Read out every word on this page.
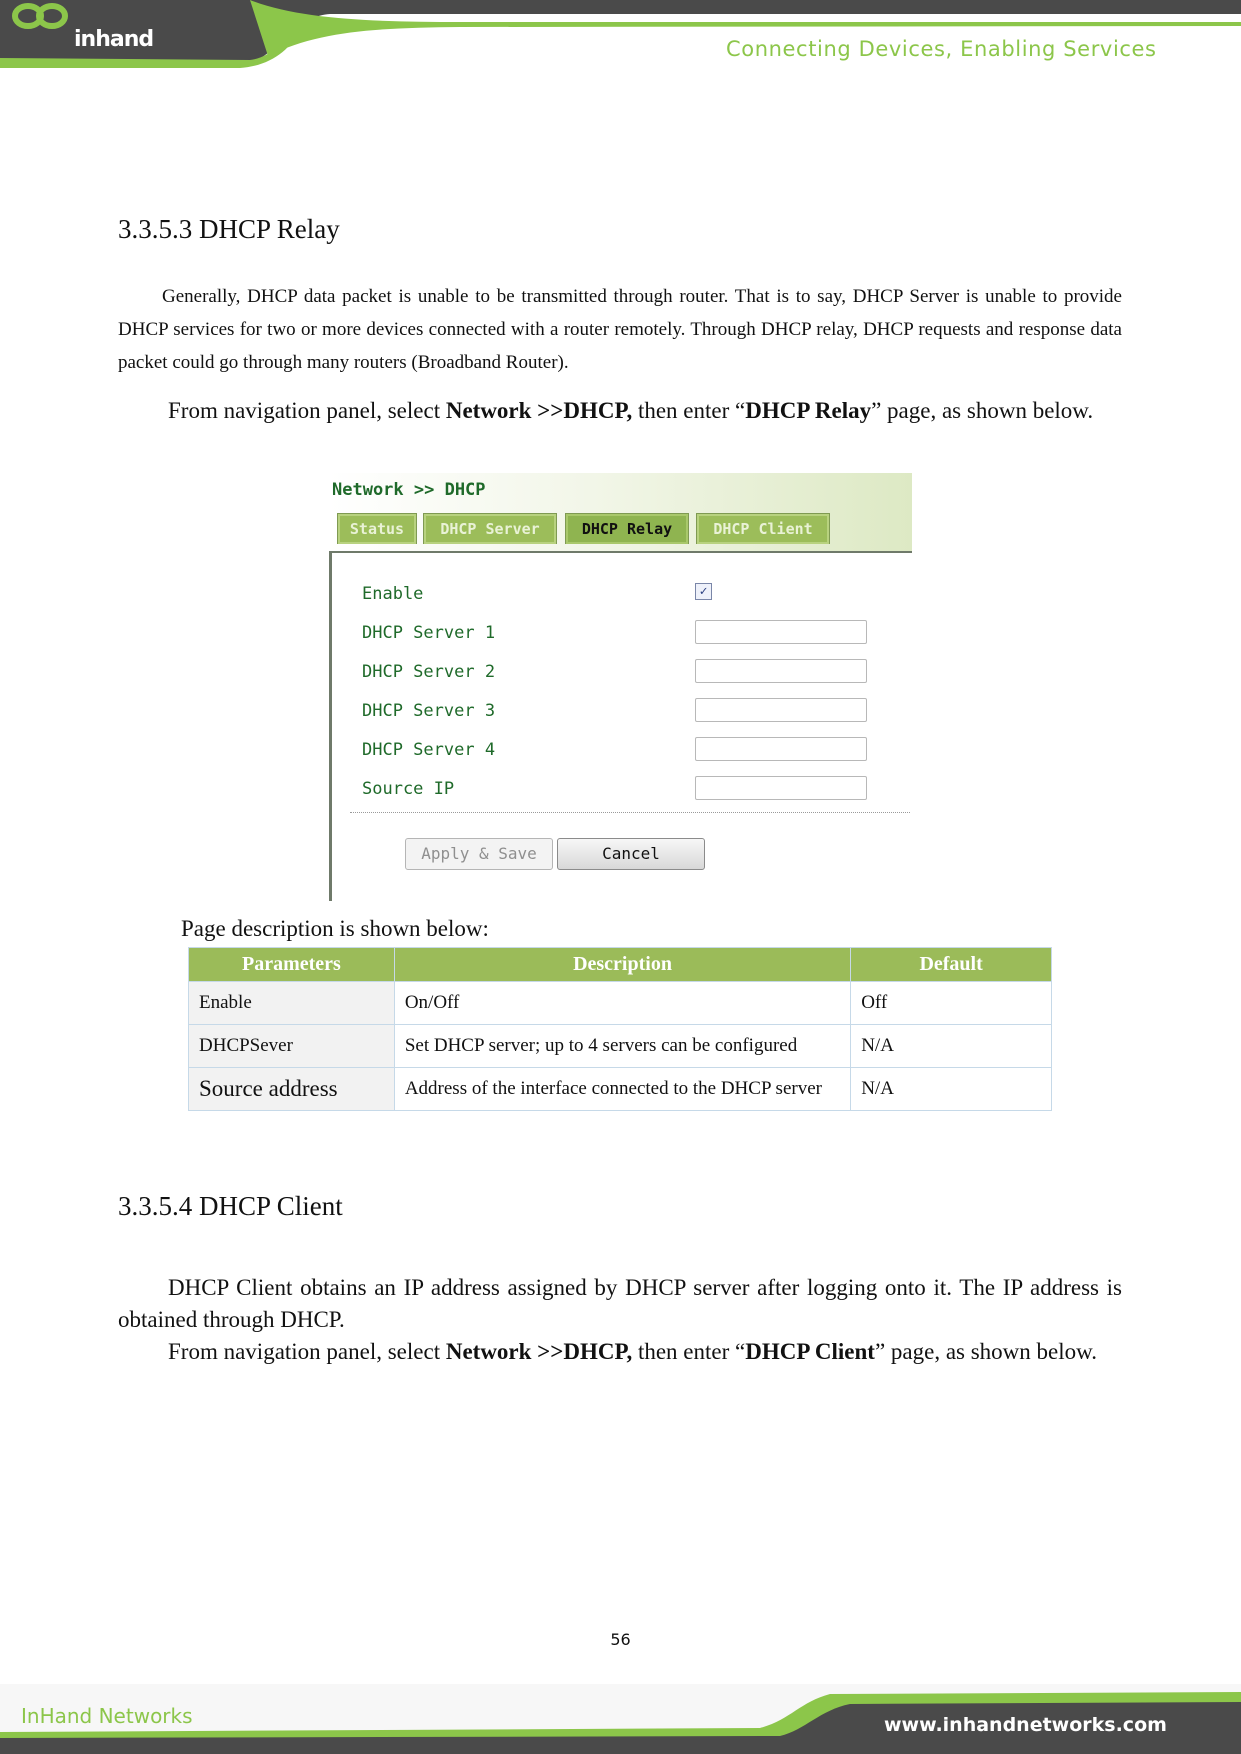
inhand	Connecting Devices, Enabling Services
3.3.5.3 DHCP Relay
Generally, DHCP data packet is unable to be transmitted through router. That is to say, DHCP Server is unable to provide DHCP services for two or more devices connected with a router remotely. Through DHCP relay, DHCP requests and response data packet could go through many routers (Broadband Router).
From navigation panel, select Network >>DHCP, then enter “DHCP Relay” page, as shown below.
Network >> DHCP
Status	DHCP Server	DHCP Relay	DHCP Client
Enable	✓
DHCP Server 1
DHCP Server 2
DHCP Server 3
DHCP Server 4
Source IP
Apply & Save	Cancel
Page description is shown below:
Parameters	Description	Default
Enable	On/Off	Off
DHCPSever	Set DHCP server; up to 4 servers can be configured	N/A
Source address	Address of the interface connected to the DHCP server	N/A
3.3.5.4 DHCP Client
DHCP Client obtains an IP address assigned by DHCP server after logging onto it. The IP address is obtained through DHCP.
From navigation panel, select Network >>DHCP, then enter “DHCP Client” page, as shown below.
56
InHand Networks	www.inhandnetworks.com
